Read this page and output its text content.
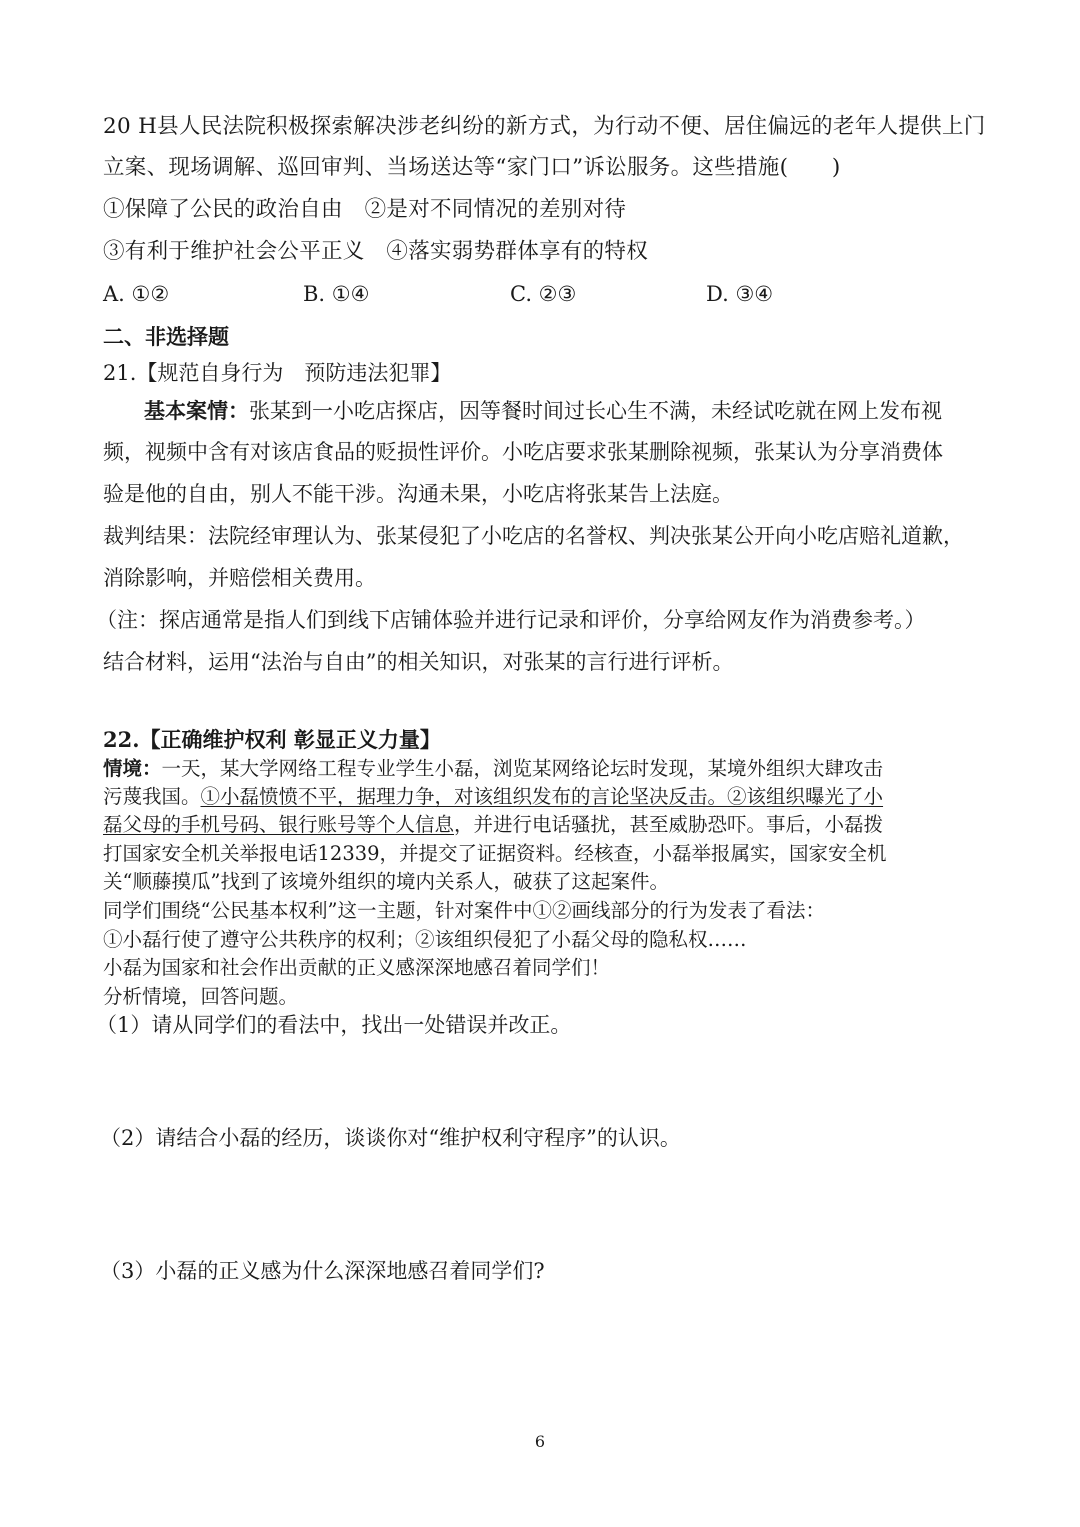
20 H县人民法院积极探索解决涉老纠纷的新方式，为行动不便、居住偏远的老年人提供上门
立案、现场调解、巡回审判、当场送达等“家门口”诉讼服务。这些措施(　　)
①保障了公民的政治自由　②是对不同情况的差别对待
③有利于维护社会公平正义　④落实弱势群体享有的特权
A. ①②	B. ①④	C. ②③	D. ③④
二、非选择题
21.【规范自身行为　预防违法犯罪】
基本案情：张某到一小吃店探店，因等餐时间过长心生不满，未经试吃就在网上发布视
频，视频中含有对该店食品的贬损性评价。小吃店要求张某删除视频，张某认为分享消费体
验是他的自由，别人不能干涉。沟通未果，小吃店将张某告上法庭。
裁判结果：法院经审理认为、张某侵犯了小吃店的名誉权、判决张某公开向小吃店赔礼道歉，
消除影响，并赔偿相关费用。
（注：探店通常是指人们到线下店铺体验并进行记录和评价，分享给网友作为消费参考。）
结合材料，运用“法治与自由”的相关知识，对张某的言行进行评析。
22.【正确维护权利 彰显正义力量】
情境：一天，某大学网络工程专业学生小磊，浏览某网络论坛时发现，某境外组织大肆攻击
污蔑我国。①小磊愤愤不平，据理力争，对该组织发布的言论坚决反击。②该组织曝光了小
磊父母的手机号码、银行账号等个人信息，并进行电话骚扰，甚至威胁恐吓。事后，小磊拨
打国家安全机关举报电话12339，并提交了证据资料。经核查，小磊举报属实，国家安全机
关“顺藤摸瓜”找到了该境外组织的境内关系人，破获了这起案件。
同学们围绕“公民基本权利”这一主题，针对案件中①②画线部分的行为发表了看法：
①小磊行使了遵守公共秩序的权利；②该组织侵犯了小磊父母的隐私权……
小磊为国家和社会作出贡献的正义感深深地感召着同学们！
分析情境，回答问题。
（1）请从同学们的看法中，找出一处错误并改正。
（2）请结合小磊的经历，谈谈你对“维护权利守程序”的认识。
（3）小磊的正义感为什么深深地感召着同学们?
6
